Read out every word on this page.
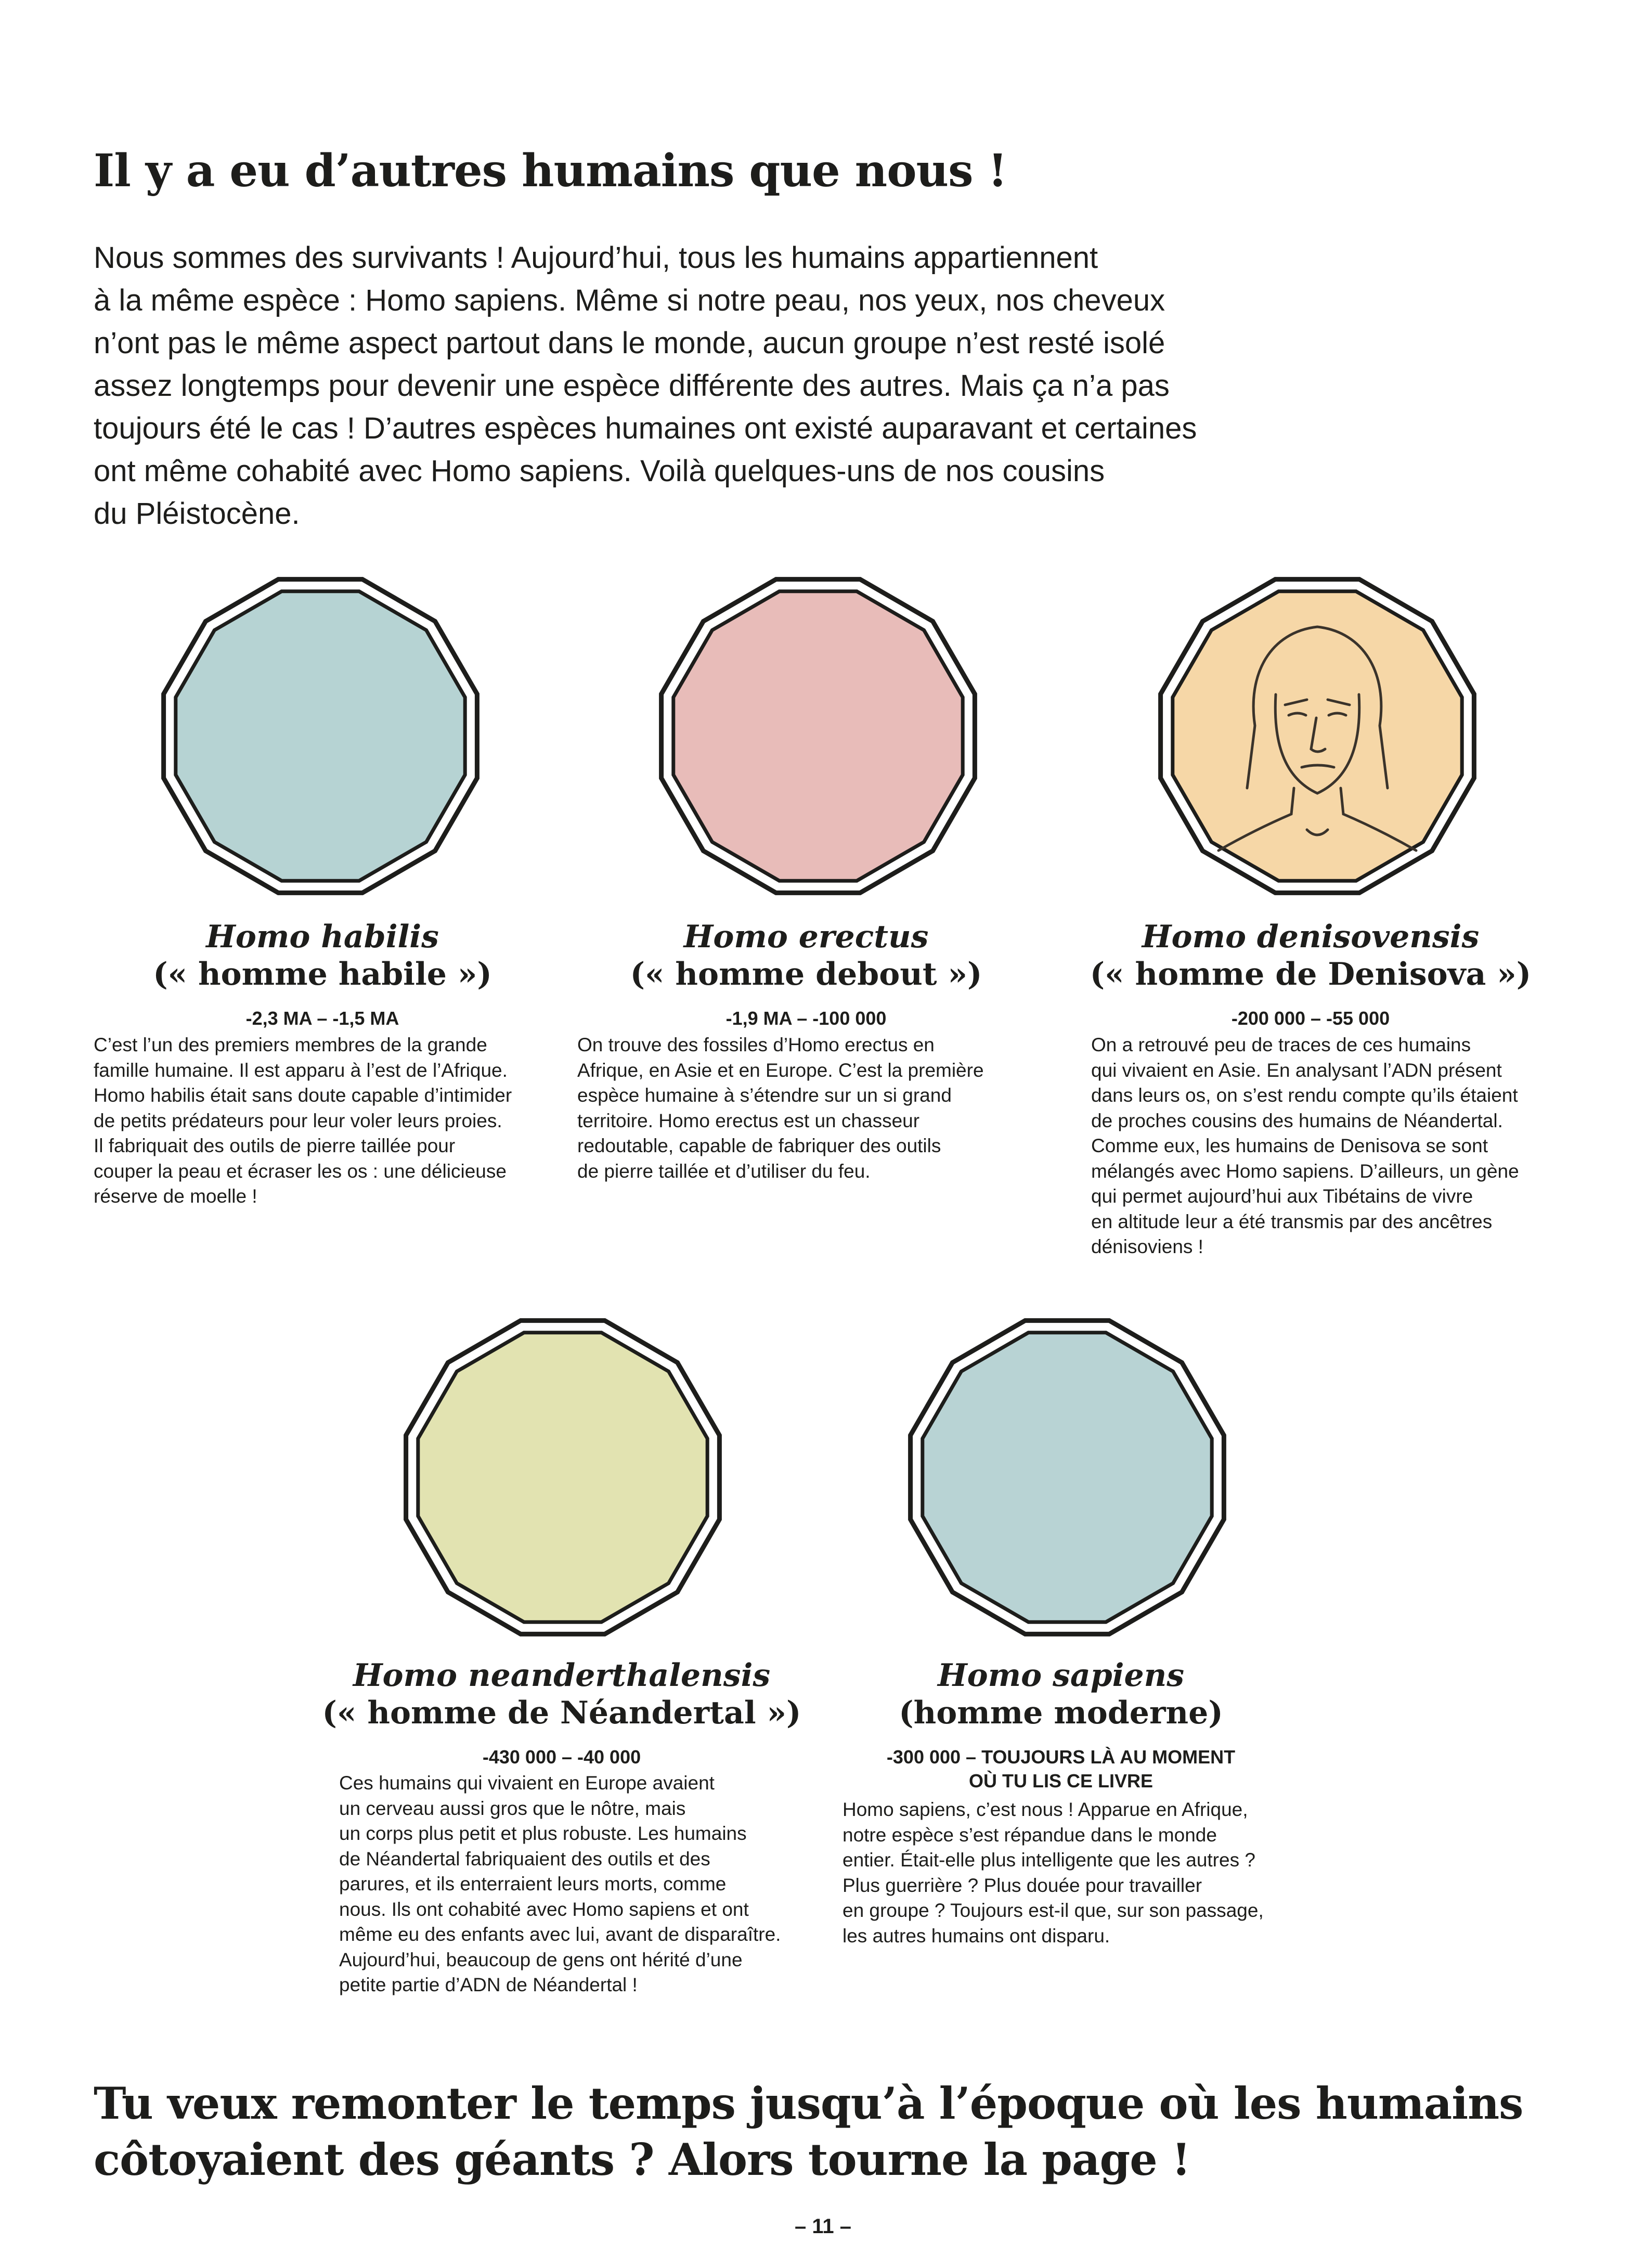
Il y a eu d’autres humains que nous !
Nous sommes des survivants ! Aujourd’hui, tous les humains appartiennent
à la même espèce : Homo sapiens. Même si notre peau, nos yeux, nos cheveux
n’ont pas le même aspect partout dans le monde, aucun groupe n’est resté isolé
assez longtemps pour devenir une espèce différente des autres. Mais ça n’a pas
toujours été le cas ! D’autres espèces humaines ont existé auparavant et certaines
ont même cohabité avec Homo sapiens. Voilà quelques-uns de nos cousins
du Pléistocène.
Homo habilis
(« homme habile »)
-2,3 MA – -1,5 MA
C’est l’un des premiers membres de la grande
famille humaine. Il est apparu à l’est de l’Afrique.
Homo habilis était sans doute capable d’intimider
de petits prédateurs pour leur voler leurs proies.
Il fabriquait des outils de pierre taillée pour
couper la peau et écraser les os : une délicieuse
réserve de moelle !
Homo erectus
(« homme debout »)
-1,9 MA – -100 000
On trouve des fossiles d’Homo erectus en
Afrique, en Asie et en Europe. C’est la première
espèce humaine à s’étendre sur un si grand
territoire. Homo erectus est un chasseur
redoutable, capable de fabriquer des outils
de pierre taillée et d’utiliser du feu.
Homo denisovensis
(« homme de Denisova »)
-200 000 – -55 000
On a retrouvé peu de traces de ces humains
qui vivaient en Asie. En analysant l’ADN présent
dans leurs os, on s’est rendu compte qu’ils étaient
de proches cousins des humains de Néandertal.
Comme eux, les humains de Denisova se sont
mélangés avec Homo sapiens. D’ailleurs, un gène
qui permet aujourd’hui aux Tibétains de vivre
en altitude leur a été transmis par des ancêtres
dénisoviens !
Homo neanderthalensis
(« homme de Néandertal »)
-430 000 – -40 000
Ces humains qui vivaient en Europe avaient
un cerveau aussi gros que le nôtre, mais
un corps plus petit et plus robuste. Les humains
de Néandertal fabriquaient des outils et des
parures, et ils enterraient leurs morts, comme
nous. Ils ont cohabité avec Homo sapiens et ont
même eu des enfants avec lui, avant de disparaître.
Aujourd’hui, beaucoup de gens ont hérité d’une
petite partie d’ADN de Néandertal !
Homo sapiens
(homme moderne)
-300 000 – TOUJOURS LÀ AU MOMENT
OÙ TU LIS CE LIVRE
Homo sapiens, c’est nous ! Apparue en Afrique,
notre espèce s’est répandue dans le monde
entier. Était-elle plus intelligente que les autres ?
Plus guerrière ? Plus douée pour travailler
en groupe ? Toujours est-il que, sur son passage,
les autres humains ont disparu.
Tu veux remonter le temps jusqu’à l’époque où les humains
côtoyaient des géants ? Alors tourne la page !
– 11 –
